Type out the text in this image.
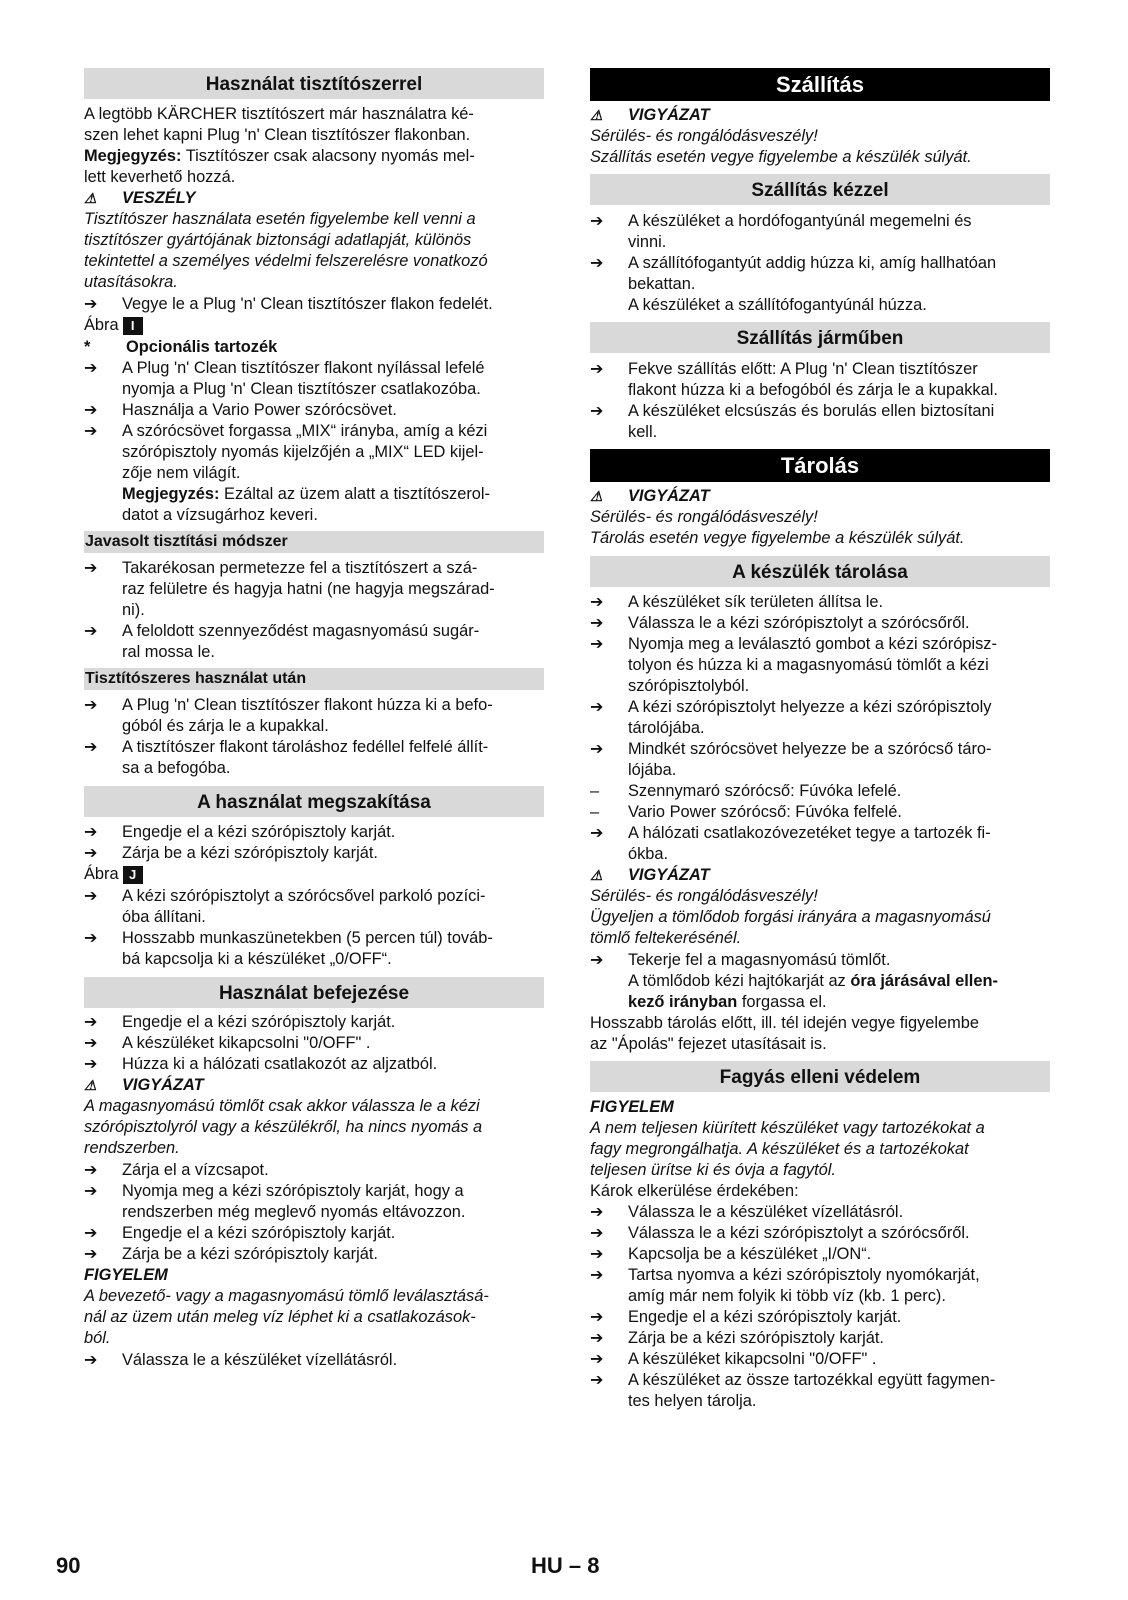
Használat tisztítószerrel
A legtöbb KÄRCHER tisztítószert már használatra ké-
szen lehet kapni Plug 'n' Clean tisztítószer flakonban.
Megjegyzés: Tisztítószer csak alacsony nyomás mel-
lett keverhető hozzá.
⚠ VESZÉLY
Tisztítószer használata esetén figyelembe kell venni a
tisztítószer gyártójának biztonsági adatlapját, különös
tekintettel a személyes védelmi felszerelésre vonatkozó
utasításokra.
➔ Vegye le a Plug 'n' Clean tisztítószer flakon fedelét.
Ábra I
* Opcionális tartozék
➔ A Plug 'n' Clean tisztítószer flakont nyílással lefelé
nyomja a Plug 'n' Clean tisztítószer csatlakozóba.
➔ Használja a Vario Power szórócsövet.
➔ A szórócsövet forgassa „MIX“ irányba, amíg a kézi
szórópisztoly nyomás kijelzőjén a „MIX“ LED kijel-
zője nem világít.
Megjegyzés: Ezáltal az üzem alatt a tisztítószerol-
datot a vízsugárhoz keveri.
Javasolt tisztítási módszer
➔ Takarékosan permetezze fel a tisztítószert a szá-
raz felületre és hagyja hatni (ne hagyja megszárad-
ni).
➔ A feloldott szennyeződést magasnyomású sugár-
ral mossa le.
Tisztítószeres használat után
➔ A Plug 'n' Clean tisztítószer flakont húzza ki a befo-
góból és zárja le a kupakkal.
➔ A tisztítószer flakont tároláshoz fedéllel felfelé állít-
sa a befogóba.
A használat megszakítása
➔ Engedje el a kézi szórópisztoly karját.
➔ Zárja be a kézi szórópisztoly karját.
Ábra J
➔ A kézi szórópisztolyt a szórócsővel parkoló pozíci-
óba állítani.
➔ Hosszabb munkaszünetekben (5 percen túl) továb-
bá kapcsolja ki a készüléket „0/OFF“.
Használat befejezése
➔ Engedje el a kézi szórópisztoly karját.
➔ A készüléket kikapcsolni "0/OFF" .
➔ Húzza ki a hálózati csatlakozót az aljzatból.
⚠ VIGYÁZAT
A magasnyomású tömlőt csak akkor válassza le a kézi
szórópisztolyról vagy a készülékről, ha nincs nyomás a
rendszerben.
➔ Zárja el a vízcsapot.
➔ Nyomja meg a kézi szórópisztoly karját, hogy a
rendszerben még meglevő nyomás eltávozzon.
➔ Engedje el a kézi szórópisztoly karját.
➔ Zárja be a kézi szórópisztoly karját.
FIGYELEM
A bevezető- vagy a magasnyomású tömlő leválasztásá-
nál az üzem után meleg víz léphet ki a csatlakozások-
ból.
➔ Válassza le a készüléket vízellátásról.
Szállítás
⚠ VIGYÁZAT
Sérülés- és rongálódásveszély!
Szállítás esetén vegye figyelembe a készülék súlyát.
Szállítás kézzel
➔ A készüléket a hordófogantyúnál megemelni és
vinni.
➔ A szállítófogantyút addig húzza ki, amíg hallhatóan
bekattan.
A készüléket a szállítófogantyúnál húzza.
Szállítás járműben
➔ Fekve szállítás előtt: A Plug 'n' Clean tisztítószer
flakont húzza ki a befogóból és zárja le a kupakkal.
➔ A készüléket elcsúszás és borulás ellen biztosítani
kell.
Tárolás
⚠ VIGYÁZAT
Sérülés- és rongálódásveszély!
Tárolás esetén vegye figyelembe a készülék súlyát.
A készülék tárolása
➔ A készüléket sík területen állítsa le.
➔ Válassza le a kézi szórópisztolyt a szórócsőről.
➔ Nyomja meg a leválasztó gombot a kézi szórópisz-
tolyon és húzza ki a magasnyomású tömlőt a kézi
szórópisztolyból.
➔ A kézi szórópisztolyt helyezze a kézi szórópisztoly
tárolójába.
➔ Mindkét szórócsövet helyezze be a szórócső táro-
lójába.
– Szennymaró szórócső: Fúvóka lefelé.
– Vario Power szórócső: Fúvóka felfelé.
➔ A hálózati csatlakozóvezetéket tegye a tartozék fi-
ókba.
⚠ VIGYÁZAT
Sérülés- és rongálódásveszély!
Ügyeljen a tömlődob forgási irányára a magasnyomású
tömlő feltekerésénél.
➔ Tekerje fel a magasnyomású tömlőt.
A tömlődob kézi hajtókarját az óra járásával ellen-
kező irányban forgassa el.
Hosszabb tárolás előtt, ill. tél idején vegye figyelembe
az "Ápolás" fejezet utasításait is.
Fagyás elleni védelem
FIGYELEM
A nem teljesen kiürített készüléket vagy tartozékokat a
fagy megrongálhatja. A készüléket és a tartozékokat
teljesen ürítse ki és óvja a fagytól.
Károk elkerülése érdekében:
➔ Válassza le a készüléket vízellátásról.
➔ Válassza le a kézi szórópisztolyt a szórócsőről.
➔ Kapcsolja be a készüléket „I/ON“.
➔ Tartsa nyomva a kézi szórópisztoly nyomókarját,
amíg már nem folyik ki több víz (kb. 1 perc).
➔ Engedje el a kézi szórópisztoly karját.
➔ Zárja be a kézi szórópisztoly karját.
➔ A készüléket kikapcsolni "0/OFF" .
➔ A készüléket az össze tartozékkal együtt fagymen-
tes helyen tárolja.
90	HU – 8
